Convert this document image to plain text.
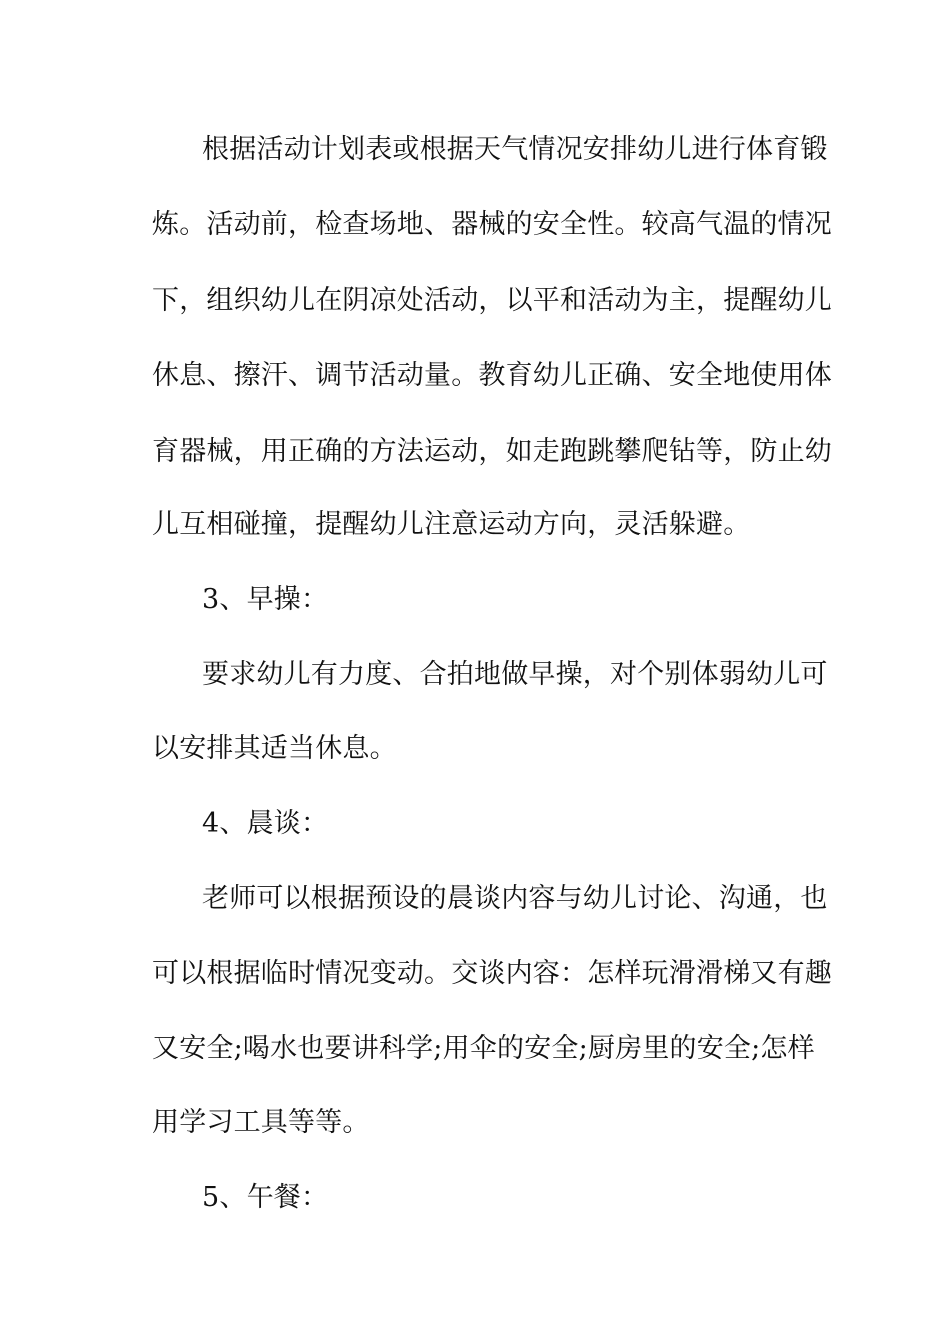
根据活动计划表或根据天气情况安排幼儿进行体育锻
炼。活动前，检查场地、器械的安全性。较高气温的情况
下，组织幼儿在阴凉处活动，以平和活动为主，提醒幼儿
休息、擦汗、调节活动量。教育幼儿正确、安全地使用体
育器械，用正确的方法运动，如走跑跳攀爬钻等，防止幼
儿互相碰撞，提醒幼儿注意运动方向，灵活躲避。
3、早操：
要求幼儿有力度、合拍地做早操，对个别体弱幼儿可
以安排其适当休息。
4、晨谈：
老师可以根据预设的晨谈内容与幼儿讨论、沟通，也
可以根据临时情况变动。交谈内容：怎样玩滑滑梯又有趣
又安全;喝水也要讲科学;用伞的安全;厨房里的安全;怎样
用学习工具等等。
5、午餐：
